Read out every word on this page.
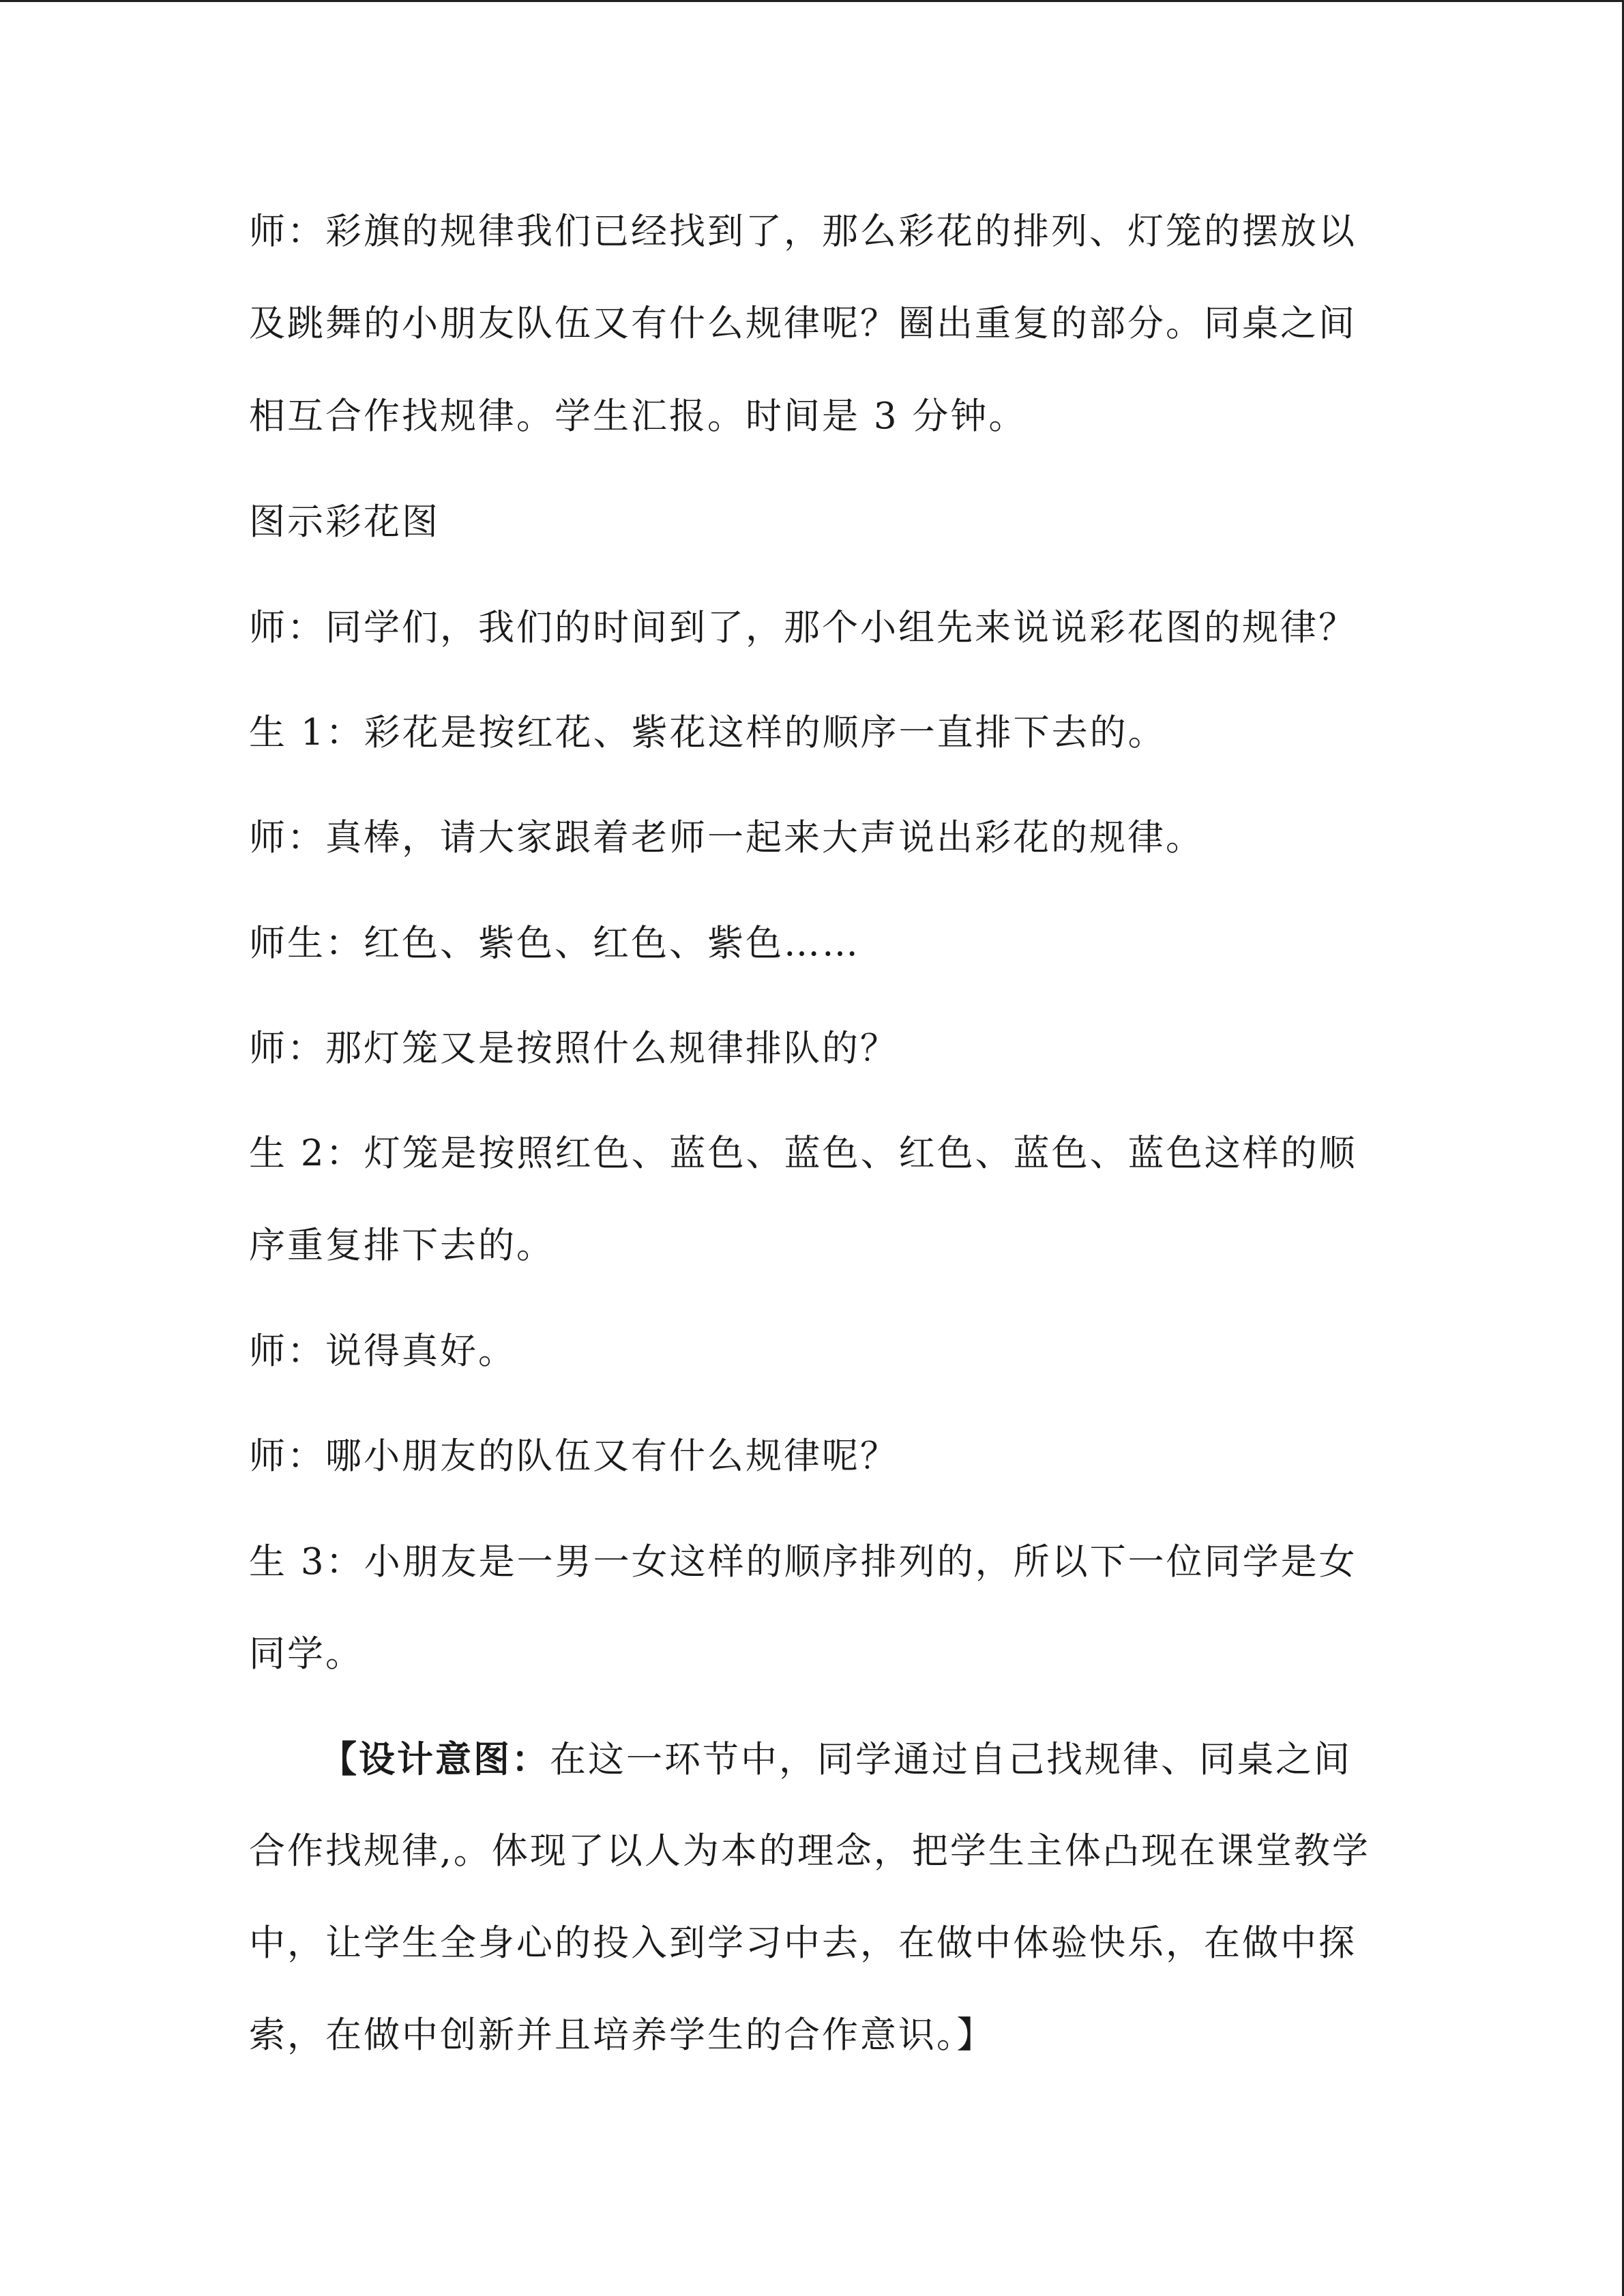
师：彩旗的规律我们已经找到了，那么彩花的排列、灯笼的摆放以
及跳舞的小朋友队伍又有什么规律呢？圈出重复的部分。同桌之间
相互合作找规律。学生汇报。时间是 3 分钟。
图示彩花图
师：同学们，我们的时间到了，那个小组先来说说彩花图的规律？
生 1：彩花是按红花、紫花这样的顺序一直排下去的。
师：真棒，请大家跟着老师一起来大声说出彩花的规律。
师生：红色、紫色、红色、紫色……
师：那灯笼又是按照什么规律排队的？
生 2：灯笼是按照红色、蓝色、蓝色、红色、蓝色、蓝色这样的顺
序重复排下去的。
师：说得真好。
师：哪小朋友的队伍又有什么规律呢？
生 3：小朋友是一男一女这样的顺序排列的，所以下一位同学是女
同学。
【设计意图：在这一环节中，同学通过自己找规律、同桌之间
合作找规律,。体现了以人为本的理念，把学生主体凸现在课堂教学
中，让学生全身心的投入到学习中去，在做中体验快乐，在做中探
索，在做中创新并且培养学生的合作意识。】
